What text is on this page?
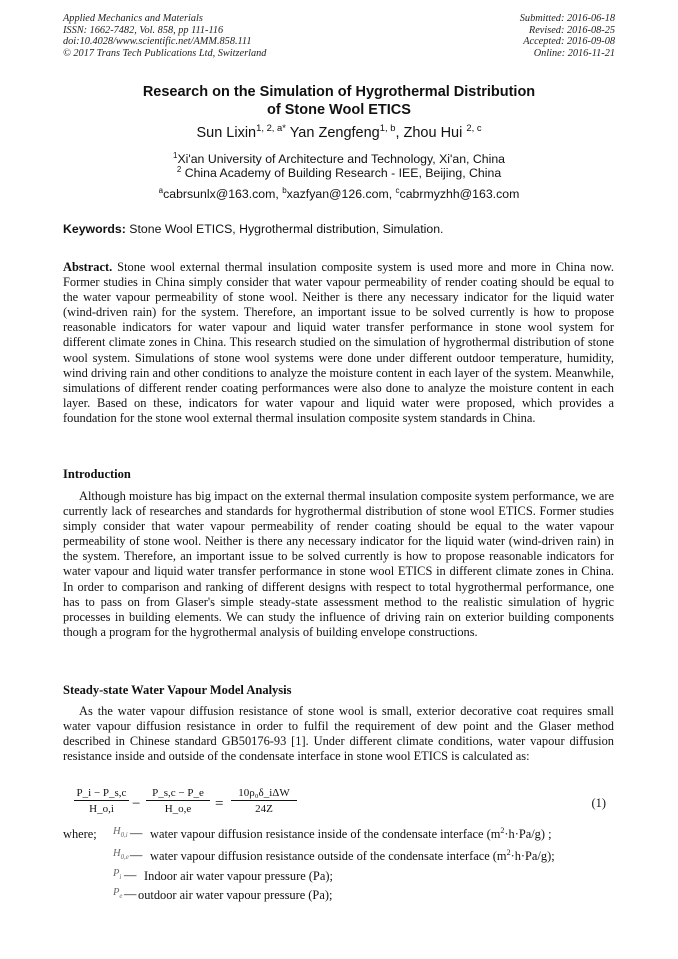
Applied Mechanics and Materials
ISSN: 1662-7482, Vol. 858, pp 111-116
doi:10.4028/www.scientific.net/AMM.858.111
© 2017 Trans Tech Publications Ltd, Switzerland
Submitted: 2016-06-18
Revised: 2016-08-25
Accepted: 2016-09-08
Online: 2016-11-21
Research on the Simulation of Hygrothermal Distribution
of Stone Wool ETICS
Sun Lixin$^{1, 2, a*}$ Yan Zengfeng$^{1, b}$, Zhou Hui $^{2, c}$
$^1$Xi'an University of Architecture and Technology, Xi'an, China
$^2$ China Academy of Building Research - IEE, Beijing, China
$^a$cabrsunlx@163.com, $^b$xazfyan@126.com, $^c$cabrmyzhh@163.com
Keywords: Stone Wool ETICS, Hygrothermal distribution, Simulation.
Abstract. Stone wool external thermal insulation composite system is used more and more in China now. Former studies in China simply consider that water vapour permeability of render coating should be equal to the water vapour permeability of stone wool. Neither is there any necessary indicator for the liquid water (wind-driven rain) for the system. Therefore, an important issue to be solved currently is how to propose reasonable indicators for water vapour and liquid water transfer performance in stone wool system for different climate zones in China. This research studied on the simulation of hygrothermal distribution of stone wool system. Simulations of stone wool systems were done under different outdoor temperature, humidity, wind driving rain and other conditions to analyze the moisture content in each layer of the system. Meanwhile, simulations of different render coating performances were also done to analyze the moisture content in each layer. Based on these, indicators for water vapour and liquid water were proposed, which provides a foundation for the stone wool external thermal insulation composite system standards in China.
Introduction
Although moisture has big impact on the external thermal insulation composite system performance, we are currently lack of researches and standards for hygrothermal distribution of stone wool ETICS. Former studies simply consider that water vapour permeability of render coating should be equal to the water vapour permeability of stone wool. Neither is there any necessary indicator for the liquid water (wind-driven rain) in the system. Therefore, an important issue to be solved currently is how to propose reasonable indicators for water vapour and liquid water transfer performance in stone wool ETICS in different climate zones in China. In order to comparison and ranking of different designs with respect to total hygrothermal performance, one has to pass on from Glaser's simple steady-state assessment method to the realistic simulation of hygric processes in building elements. We can study the influence of driving rain on exterior building components though a program for the hygrothermal analysis of building envelope constructions.
Steady-state Water Vapour Model Analysis
As the water vapour diffusion resistance of stone wool is small, exterior decorative coat requires small water vapour diffusion resistance in order to fulfil the requirement of dew point and the Glaser method described in Chinese standard GB50176-93 [1]. Under different climate conditions, water vapour diffusion resistance inside and outside of the condensate interface in stone wool ETICS is calculated as:
$\frac{P\_i - P\_s,c}{H\_o,i} - \frac{P\_s,c - P\_e}{H\_o,e}$ =
10ρ₀δ_iΔW
24Z	(1)
where; $H_{0,i}$ — water vapour diffusion resistance inside of the condensate interface $(m^2\cdot h\cdot Pa/g)$ ;
$H_{0,e}$ — water vapour diffusion resistance outside of the condensate interface $(m^2\cdot h\cdot Pa/g)$;
$P_i$ — Indoor air water vapour pressure (Pa);
$P_e$ — outdoor air water vapour pressure (Pa);
